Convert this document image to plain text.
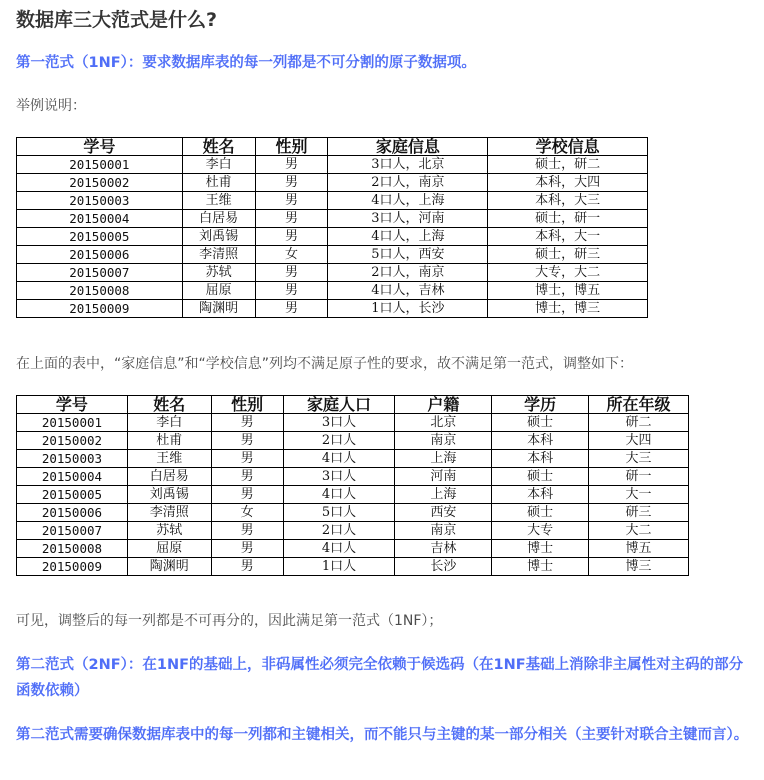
数据库三大范式是什么?

第一范式（1NF）：要求数据库表的每一列都是不可分割的原子数据项。

举例说明：

学号	姓名	性别	家庭信息	学校信息
20150001	李白	男	3口人，北京	硕士，研二
20150002	杜甫	男	2口人，南京	本科，大四
20150003	王维	男	4口人，上海	本科，大三
20150004	白居易	男	3口人，河南	硕士，研一
20150005	刘禹锡	男	4口人，上海	本科，大一
20150006	李清照	女	5口人，西安	硕士，研三
20150007	苏轼	男	2口人，南京	大专，大二
20150008	屈原	男	4口人，吉林	博士，博五
20150009	陶渊明	男	1口人，长沙	博士，博三

在上面的表中，“家庭信息”和“学校信息”列均不满足原子性的要求，故不满足第一范式，调整如下：

学号	姓名	性别	家庭人口	户籍	学历	所在年级
20150001	李白	男	3口人	北京	硕士	研二
20150002	杜甫	男	2口人	南京	本科	大四
20150003	王维	男	4口人	上海	本科	大三
20150004	白居易	男	3口人	河南	硕士	研一
20150005	刘禹锡	男	4口人	上海	本科	大一
20150006	李清照	女	5口人	西安	硕士	研三
20150007	苏轼	男	2口人	南京	大专	大二
20150008	屈原	男	4口人	吉林	博士	博五
20150009	陶渊明	男	1口人	长沙	博士	博三

可见，调整后的每一列都是不可再分的，因此满足第一范式（1NF）；

第二范式（2NF）：在1NF的基础上，非码属性必须完全依赖于候选码（在1NF基础上消除非主属性对主码的部分函数依赖）

第二范式需要确保数据库表中的每一列都和主键相关，而不能只与主键的某一部分相关（主要针对联合主键而言）。
